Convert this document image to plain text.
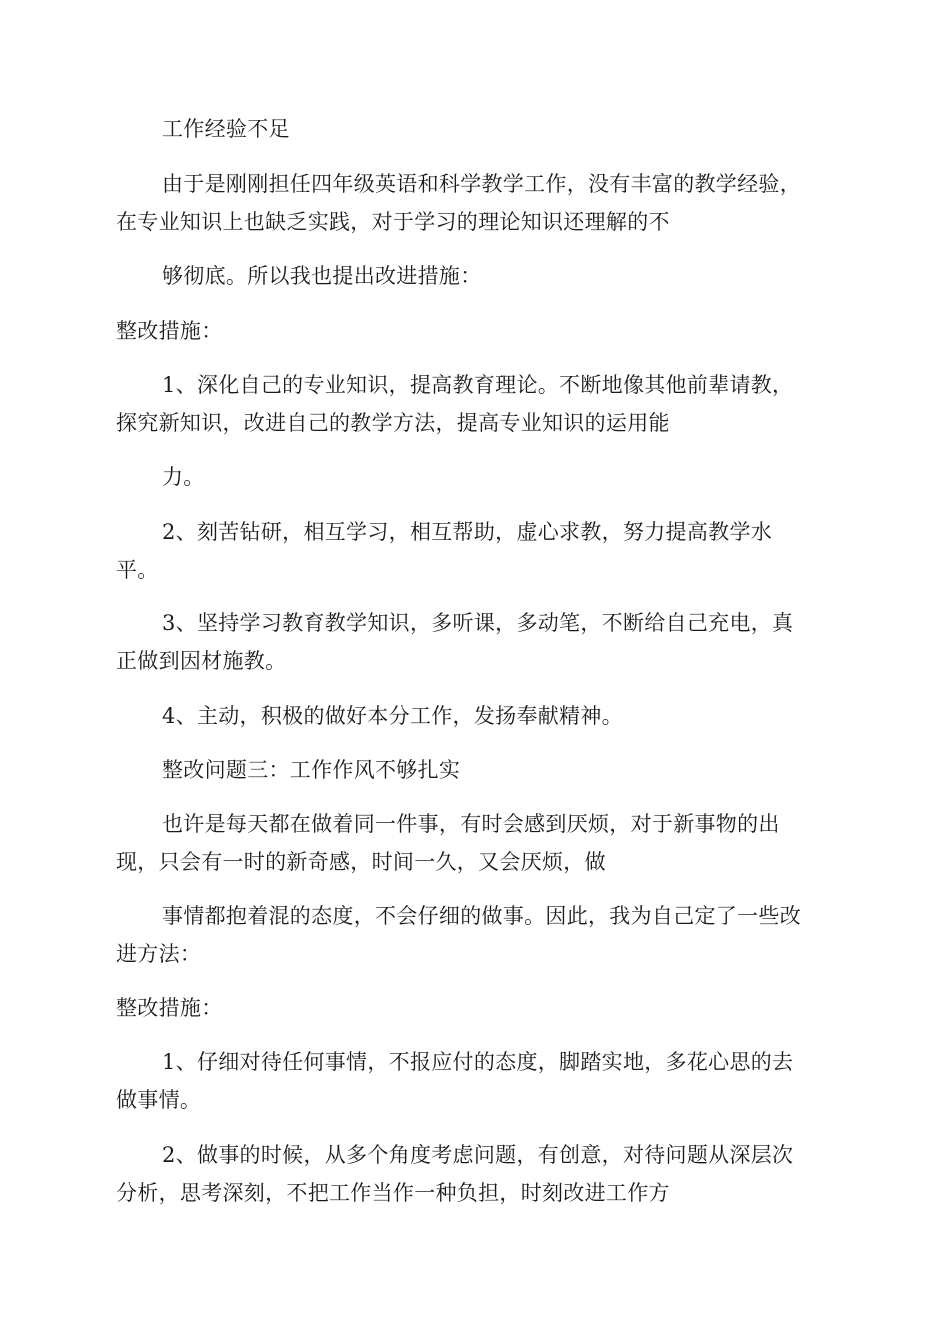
工作经验不足

由于是刚刚担任四年级英语和科学教学工作，没有丰富的教学经验，
在专业知识上也缺乏实践，对于学习的理论知识还理解的不

够彻底。所以我也提出改进措施：

整改措施：

1、深化自己的专业知识，提高教育理论。不断地像其他前辈请教，
探究新知识，改进自己的教学方法，提高专业知识的运用能

力。

2、刻苦钻研，相互学习，相互帮助，虚心求教，努力提高教学水
平。

3、坚持学习教育教学知识，多听课，多动笔，不断给自己充电，真
正做到因材施教。

4、主动，积极的做好本分工作，发扬奉献精神。

整改问题三：工作作风不够扎实

也许是每天都在做着同一件事，有时会感到厌烦，对于新事物的出
现，只会有一时的新奇感，时间一久，又会厌烦，做

事情都抱着混的态度，不会仔细的做事。因此，我为自己定了一些改
进方法：

整改措施：

1、仔细对待任何事情，不报应付的态度，脚踏实地，多花心思的去
做事情。

2、做事的时候，从多个角度考虑问题，有创意，对待问题从深层次
分析，思考深刻，不把工作当作一种负担，时刻改进工作方
